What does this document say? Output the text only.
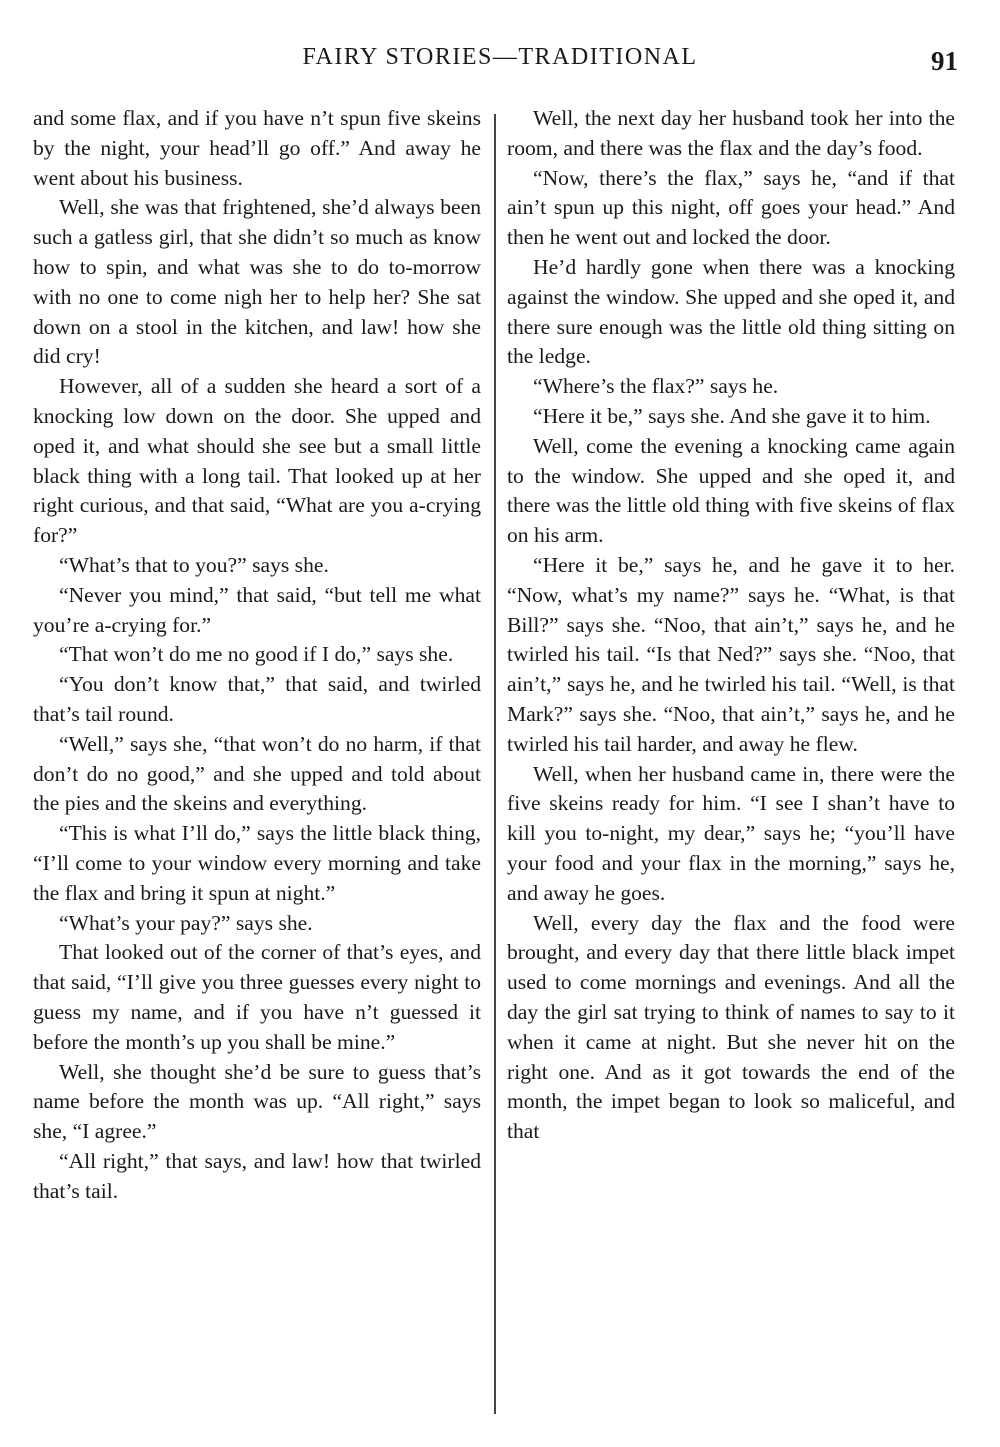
FAIRY STORIES—TRADITIONAL	91

and some flax, and if you have n’t spun five skeins by the night, your head’ll go off.” And away he went about his business.

Well, she was that frightened, she’d always been such a gatless girl, that she didn’t so much as know how to spin, and what was she to do to-morrow with no one to come nigh her to help her? She sat down on a stool in the kitchen, and law! how she did cry!

However, all of a sudden she heard a sort of a knocking low down on the door. She upped and oped it, and what should she see but a small little black thing with a long tail. That looked up at her right curious, and that said, “What are you a-crying for?”

“What’s that to you?” says she.

“Never you mind,” that said, “but tell me what you’re a-crying for.”

“That won’t do me no good if I do,” says she.

“You don’t know that,” that said, and twirled that’s tail round.

“Well,” says she, “that won’t do no harm, if that don’t do no good,” and she upped and told about the pies and the skeins and everything.

“This is what I’ll do,” says the little black thing, “I’ll come to your window every morning and take the flax and bring it spun at night.”

“What’s your pay?” says she.

That looked out of the corner of that’s eyes, and that said, “I’ll give you three guesses every night to guess my name, and if you have n’t guessed it before the month’s up you shall be mine.”

Well, she thought she’d be sure to guess that’s name before the month was up. “All right,” says she, “I agree.”

“All right,” that says, and law! how that twirled that’s tail.

Well, the next day her husband took her into the room, and there was the flax and the day’s food.

“Now, there’s the flax,” says he, “and if that ain’t spun up this night, off goes your head.” And then he went out and locked the door.

He’d hardly gone when there was a knocking against the window. She upped and she oped it, and there sure enough was the little old thing sitting on the ledge.

“Where’s the flax?” says he.

“Here it be,” says she. And she gave it to him.

Well, come the evening a knocking came again to the window. She upped and she oped it, and there was the little old thing with five skeins of flax on his arm.

“Here it be,” says he, and he gave it to her. “Now, what’s my name?” says he. “What, is that Bill?” says she. “Noo, that ain’t,” says he, and he twirled his tail. “Is that Ned?” says she. “Noo, that ain’t,” says he, and he twirled his tail. “Well, is that Mark?” says she. “Noo, that ain’t,” says he, and he twirled his tail harder, and away he flew.

Well, when her husband came in, there were the five skeins ready for him. “I see I shan’t have to kill you to-night, my dear,” says he; “you’ll have your food and your flax in the morning,” says he, and away he goes.

Well, every day the flax and the food were brought, and every day that there little black impet used to come mornings and evenings. And all the day the girl sat trying to think of names to say to it when it came at night. But she never hit on the right one. And as it got towards the end of the month, the impet began to look so maliceful, and that
